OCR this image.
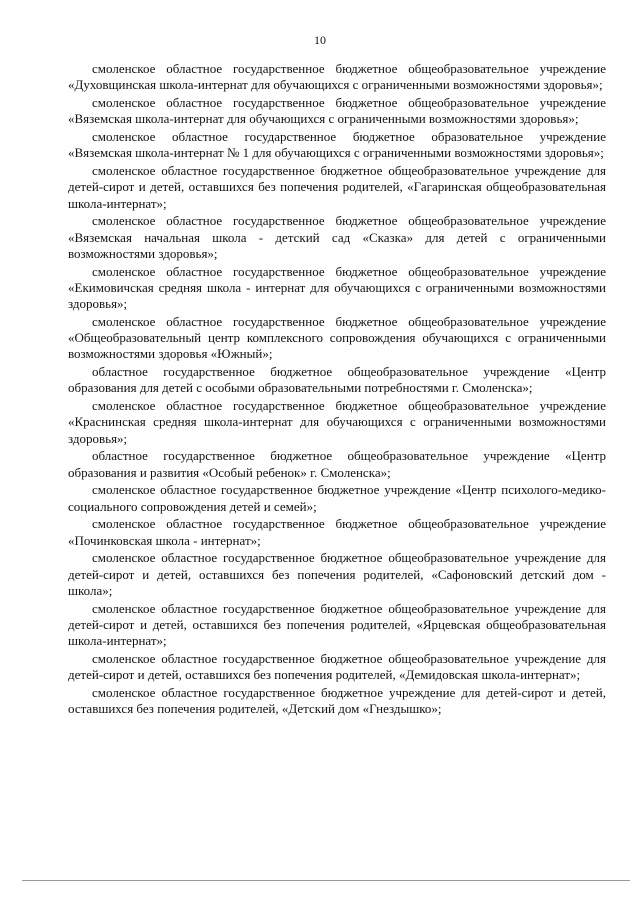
10

смоленское областное государственное бюджетное общеобразовательное учреждение «Духовщинская школа-интернат для обучающихся с ограниченными возможностями здоровья»;

смоленское областное государственное бюджетное общеобразовательное учреждение «Вяземская школа-интернат для обучающихся с ограниченными возможностями здоровья»;

смоленское областное государственное бюджетное образовательное учреждение «Вяземская школа-интернат № 1 для обучающихся с ограниченными возможностями здоровья»;

смоленское областное государственное бюджетное общеобразовательное учреждение для детей-сирот и детей, оставшихся без попечения родителей, «Гагаринская общеобразовательная школа-интернат»;

смоленское областное государственное бюджетное общеобразовательное учреждение «Вяземская начальная школа - детский сад «Сказка» для детей с ограниченными возможностями здоровья»;

смоленское областное государственное бюджетное общеобразовательное учреждение «Екимовичская средняя школа - интернат для обучающихся с ограниченными возможностями здоровья»;

смоленское областное государственное бюджетное общеобразовательное учреждение «Общеобразовательный центр комплексного сопровождения обучающихся с ограниченными возможностями здоровья «Южный»;

областное государственное бюджетное общеобразовательное учреждение «Центр образования для детей с особыми образовательными потребностями г. Смоленска»;

смоленское областное государственное бюджетное общеобразовательное учреждение «Краснинская средняя школа-интернат для обучающихся с ограниченными возможностями здоровья»;

областное государственное бюджетное общеобразовательное учреждение «Центр образования и развития «Особый ребенок» г. Смоленска»;

смоленское областное государственное бюджетное учреждение «Центр психолого-медико-социального сопровождения детей и семей»;

смоленское областное государственное бюджетное общеобразовательное учреждение «Починковская школа - интернат»;

смоленское областное государственное бюджетное общеобразовательное учреждение для детей-сирот и детей, оставшихся без попечения родителей, «Сафоновский детский дом - школа»;

смоленское областное государственное бюджетное общеобразовательное учреждение для детей-сирот и детей, оставшихся без попечения родителей, «Ярцевская общеобразовательная школа-интернат»;

смоленское областное государственное бюджетное общеобразовательное учреждение для детей-сирот и детей, оставшихся без попечения родителей, «Демидовская школа-интернат»;

смоленское областное государственное бюджетное учреждение для детей-сирот и детей, оставшихся без попечения родителей, «Детский дом «Гнездышко»;
